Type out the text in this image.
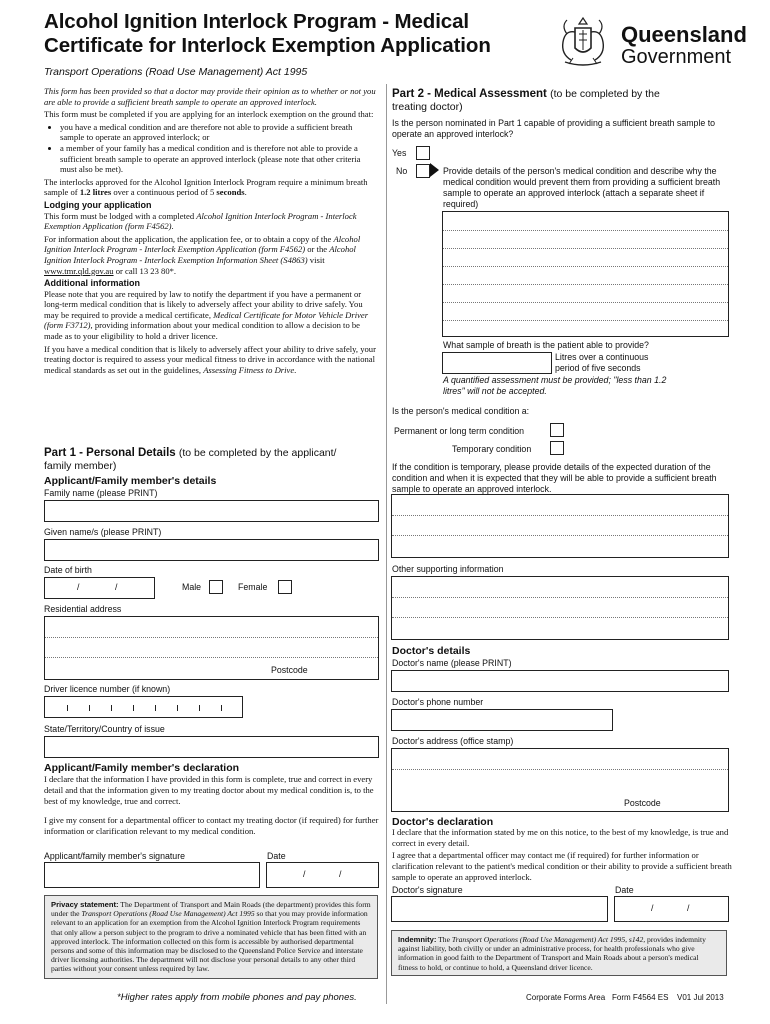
Alcohol Ignition Interlock Program - Medical
Certificate for Interlock Exemption Application
Transport Operations (Road Use Management) Act 1995
Queensland
Government

This form has been provided so that a doctor may provide their opinion as to whether or not you are able to provide a sufficient breath sample to operate an approved interlock.

This form must be completed if you are applying for an interlock exemption on the ground that:

• you have a medical condition and are therefore not able to provide a sufficient breath sample to operate an approved interlock; or
• a member of your family has a medical condition and is therefore not able to provide a sufficient breath sample to operate an approved interlock (please note that other criteria must also be met).

The interlocks approved for the Alcohol Ignition Interlock Program require a minimum breath sample of 1.2 litres over a continuous period of 5 seconds.

Lodging your application

This form must be lodged with a completed Alcohol Ignition Interlock Program - Interlock Exemption Application (form F4562).

For information about the application, the application fee, or to obtain a copy of the Alcohol Ignition Interlock Program - Interlock Exemption Application (form F4562) or the Alcohol Ignition Interlock Program - Interlock Exemption Information Sheet (S4863) visit www.tmr.qld.gov.au or call 13 23 80*.

Additional information

Please note that you are required by law to notify the department if you have a permanent or long-term medical condition that is likely to adversely affect your ability to drive safely. You may be required to provide a medical certificate, Medical Certificate for Motor Vehicle Driver (form F3712), providing information about your medical condition to allow a decision to be made as to your eligibility to hold a driver licence.

If you have a medical condition that is likely to adversely affect your ability to drive safely, your treating doctor is required to assess your medical fitness to drive in accordance with the national medical standards as set out in the guidelines, Assessing Fitness to Drive.

Part 1 - Personal Details (to be completed by the applicant/
family member)
Applicant/Family member's details
Family name (please PRINT)
Given name/s (please PRINT)
Date of birth
/	/	Male	Female
Residential address
Postcode
Driver licence number (if known)
State/Territory/Country of issue
Applicant/Family member's declaration
I declare that the information I have provided in this form is complete, true and correct in every detail and that the information given to my treating doctor about my medical condition is, to the best of my knowledge, true and correct.
I give my consent for a departmental officer to contact my treating doctor (if required) for further information or clarification relevant to my medical condition.
Applicant/family member's signature	Date
/	/
Privacy statement: The Department of Transport and Main Roads (the department) provides this form under the Transport Operations (Road Use Management) Act 1995 so that you may provide information relevant to an application for an exemption from the Alcohol Ignition Interlock Program requirements that only allow a person subject to the program to drive a nominated vehicle that has been fitted with an approved interlock. The information collected on this form is accessible by authorised departmental persons and some of this information may be disclosed to the Queensland Police Service and interstate driver licensing authorities. The department will not disclose your personal details to any other third parties without your consent unless required by law.
*Higher rates apply from mobile phones and pay phones.
Part 2 - Medical Assessment (to be completed by the
treating doctor)
Is the person nominated in Part 1 capable of providing a sufficient breath sample to operate an approved interlock?
Yes
No	Provide details of the person's medical condition and describe why the medical condition would prevent them from providing a sufficient breath sample to operate an approved interlock (attach a separate sheet if required)
What sample of breath is the patient able to provide?
Litres over a continuous
period of five seconds
A quantified assessment must be provided; "less than 1.2
litres" will not be accepted.
Is the person's medical condition a:
Permanent or long term condition
Temporary condition
If the condition is temporary, please provide details of the expected duration of the condition and when it is expected that they will be able to provide a sufficient breath sample to operate an approved interlock.
Other supporting information
Doctor's details
Doctor's name (please PRINT)
Doctor's phone number
Doctor's address (office stamp)
Postcode
Doctor's declaration
I declare that the information stated by me on this notice, to the best of my knowledge, is true and correct in every detail.
I agree that a departmental officer may contact me (if required) for further information or clarification relevant to the patient's medical condition or their ability to provide a sufficient breath sample to operate an approved interlock.
Doctor's signature	Date
/	/
Indemnity: The Transport Operations (Road Use Management) Act 1995, s142, provides indemnity against liability, both civilly or under an administrative process, for health professionals who give information in good faith to the Department of Transport and Main Roads about a person's medical fitness to hold, or continue to hold, a Queensland driver licence.
Corporate Forms Area Form F4564 ES V01 Jul 2013
